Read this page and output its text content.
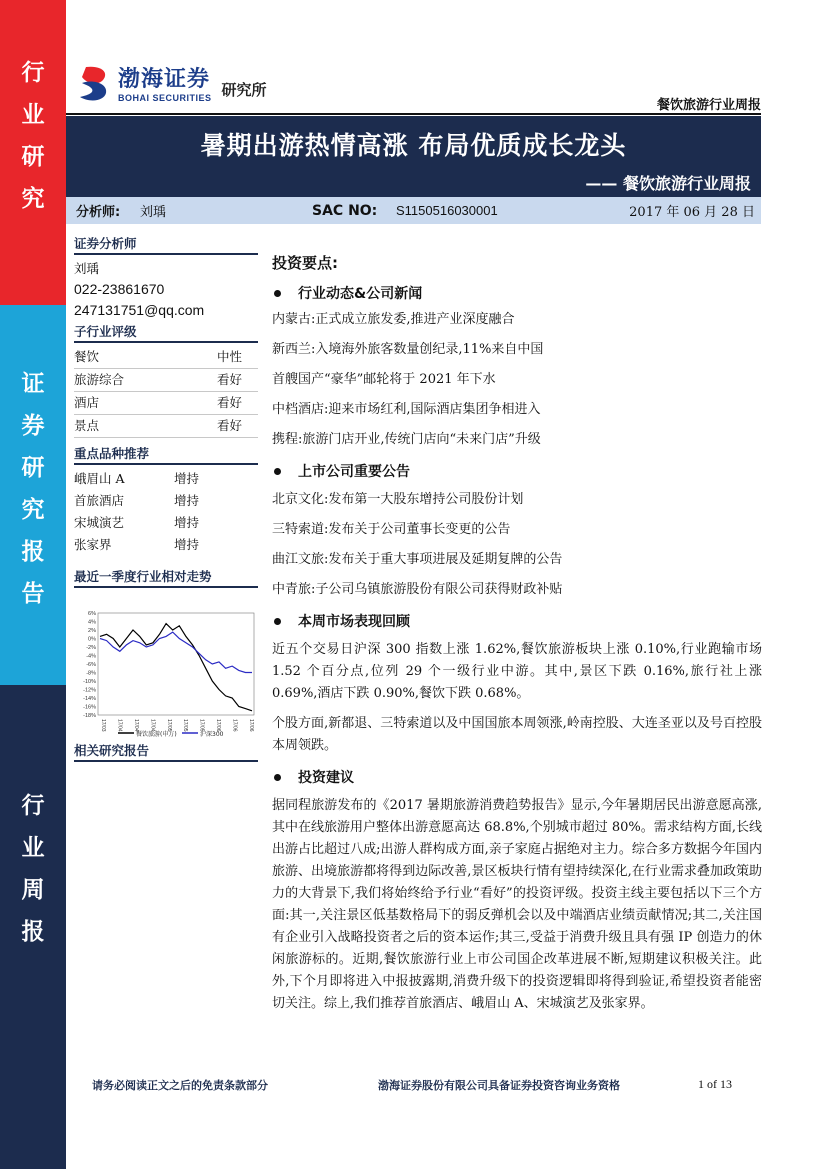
行
业
研
究
证
券
研
究
报
告
行
业
周
报
渤海证券
BOHAI SECURITIES 研究所
餐饮旅游行业周报
暑期出游热情高涨 布局优质成长龙头
—— 餐饮旅游行业周报
分析师:	刘瑀	SAC NO:	S1150516030001	2017 年 06 月 28 日
证券分析师
刘瑀
022-23861670
247131751@qq.com
子行业评级
餐饮	中性
旅游综合	看好
酒店	看好
景点	看好
重点品种推荐
峨眉山 A	增持
首旅酒店	增持
宋城演艺	增持
张家界	增持
最近一季度行业相对走势
6%
4%
2%
0%
-2%
-4%
-6%
-8%
-10%
-12%
-14%
-16%
-18%
17/03 17/04 17/04 17/04 17/05 17/05 17/05 17/06 17/06 17/06
餐饮旅游(申万)	沪深300
相关研究报告
投资要点:
行业动态&公司新闻

内蒙古:正式成立旅发委,推进产业深度融合

新西兰:入境海外旅客数量创纪录,11%来自中国

首艘国产“豪华”邮轮将于 2021 年下水

中档酒店:迎来市场红利,国际酒店集团争相进入

携程:旅游门店开业,传统门店向“未来门店”升级

上市公司重要公告

北京文化:发布第一大股东增持公司股份计划

三特索道:发布关于公司董事长变更的公告

曲江文旅:发布关于重大事项进展及延期复牌的公告

中青旅:子公司乌镇旅游股份有限公司获得财政补贴

本周市场表现回顾

近五个交易日沪深 300 指数上涨 1.62%,餐饮旅游板块上涨 0.10%,行业跑输市场 1.52 个百分点,位列 29 个一级行业中游。其中,景区下跌 0.16%,旅行社上涨 0.69%,酒店下跌 0.90%,餐饮下跌 0.68%。

个股方面,新都退、三特索道以及中国国旅本周领涨,岭南控股、大连圣亚以及号百控股本周领跌。

投资建议

据同程旅游发布的《2017 暑期旅游消费趋势报告》显示,今年暑期居民出游意愿高涨,其中在线旅游用户整体出游意愿高达 68.8%,个别城市超过 80%。需求结构方面,长线出游占比超过八成;出游人群构成方面,亲子家庭占据绝对主力。综合多方数据今年国内旅游、出境旅游都将得到边际改善,景区板块行情有望持续深化,在行业需求叠加政策助力的大背景下,我们将始终给予行业“看好”的投资评级。投资主线主要包括以下三个方面:其一,关注景区低基数格局下的弱反弹机会以及中端酒店业绩贡献情况;其二,关注国有企业引入战略投资者之后的资本运作;其三,受益于消费升级且具有强 IP 创造力的休闲旅游标的。近期,餐饮旅游行业上市公司国企改革进展不断,短期建议积极关注。此外,下个月即将进入中报披露期,消费升级下的投资逻辑即将得到验证,希望投资者能密切关注。综上,我们推荐首旅酒店、峨眉山 A、宋城演艺及张家界。

请务必阅读正文之后的免责条款部分	渤海证券股份有限公司具备证券投资咨询业务资格	1 of 13
